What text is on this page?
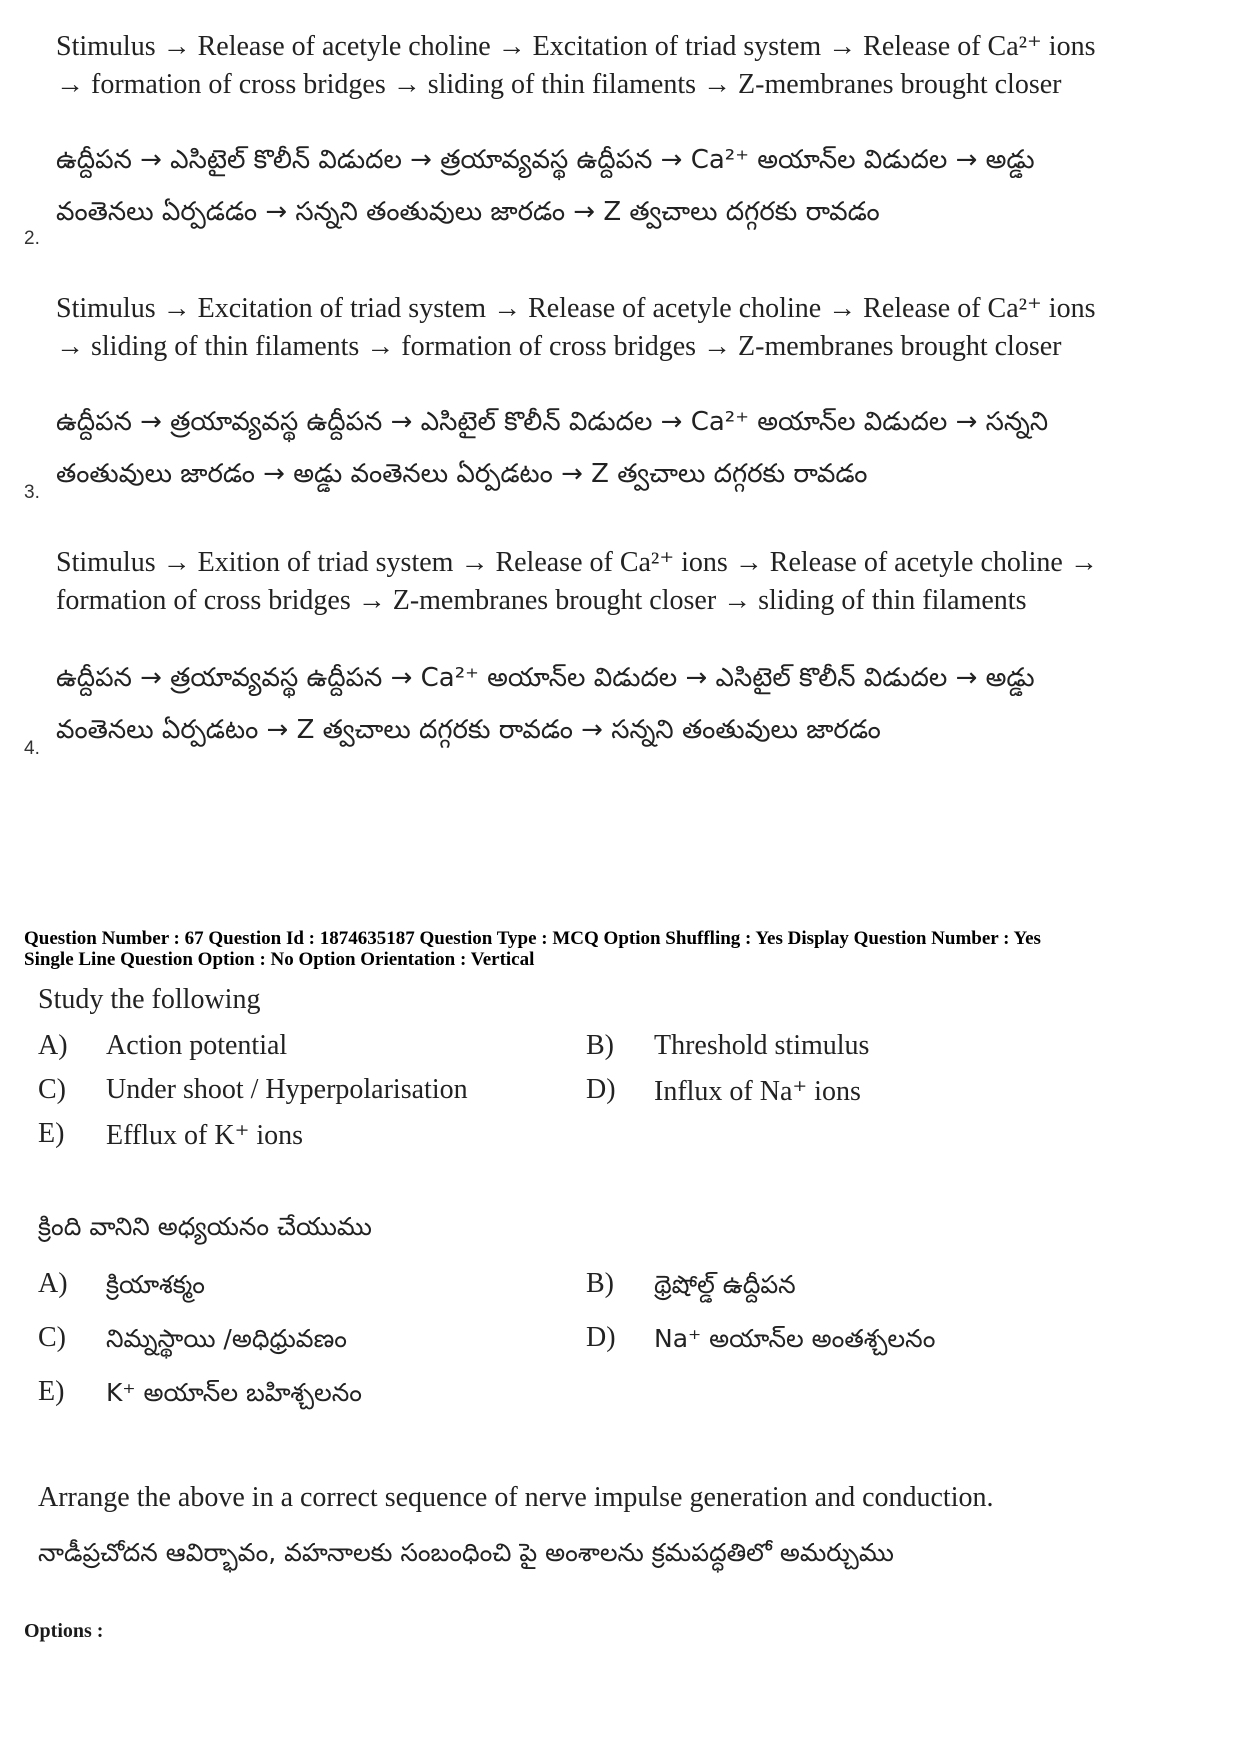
Stimulus → Release of acetyle choline → Excitation of triad system → Release of Ca²⁺ ions → formation of cross bridges → sliding of thin filaments → Z-membranes brought closer
ఉద్దీపన → ఎసిటైల్ కొలీన్ విడుదల → త్రయావ్యవస్థ ఉద్దీపన → Ca²⁺ అయాన్‌ల విడుదల → అడ్డు వంతెనలు ఏర్పడడం → సన్నని తంతువులు జారడం → Z త్వచాలు దగ్గరకు రావడం
2.
Stimulus → Excitation of triad system → Release of acetyle choline → Release of Ca²⁺ ions → sliding of thin filaments → formation of cross bridges → Z-membranes brought closer
ఉద్దీపన → త్రయావ్యవస్థ ఉద్దీపన → ఎసిటైల్ కొలీన్ విడుదల → Ca²⁺ అయాన్‌ల విడుదల → సన్నని తంతువులు జారడం → అడ్డు వంతెనలు ఏర్పడటం → Z త్వచాలు దగ్గరకు రావడం
3.
Stimulus → Exition of triad system → Release of Ca²⁺ ions → Release of acetyle choline → formation of cross bridges → Z-membranes brought closer → sliding of thin filaments
ఉద్దీపన → త్రయావ్యవస్థ ఉద్దీపన → Ca²⁺ అయాన్‌ల విడుదల → ఎసిటైల్ కొలీన్ విడుదల → అడ్డు వంతెనలు ఏర్పడటం → Z త్వచాలు దగ్గరకు రావడం → సన్నని తంతువులు జారడం
4.
Question Number : 67 Question Id : 1874635187 Question Type : MCQ Option Shuffling : Yes Display Question Number : Yes
Single Line Question Option : No Option Orientation : Vertical
Study the following
A) Action potential	B) Threshold stimulus
C) Under shoot / Hyperpolarisation	D) Influx of Na⁺ ions
E) Efflux of K⁺ ions
క్రింది వానిని అధ్యయనం చేయుము
A) క్రియాశక్మం	B) థ్రెషోల్డ్ ఉద్దీపన
C) నిమ్నస్థాయి /అధిధ్రువణం	D) Na⁺ అయాన్‌ల అంతశ్చలనం
E) K⁺ అయాన్‌ల బహిశ్చలనం
Arrange the above in a correct sequence of nerve impulse generation and conduction.
నాడీప్రచోదన ఆవిర్భావం, వహనాలకు సంబంధించి పై అంశాలను క్రమపద్ధతిలో అమర్చుము
Options :
